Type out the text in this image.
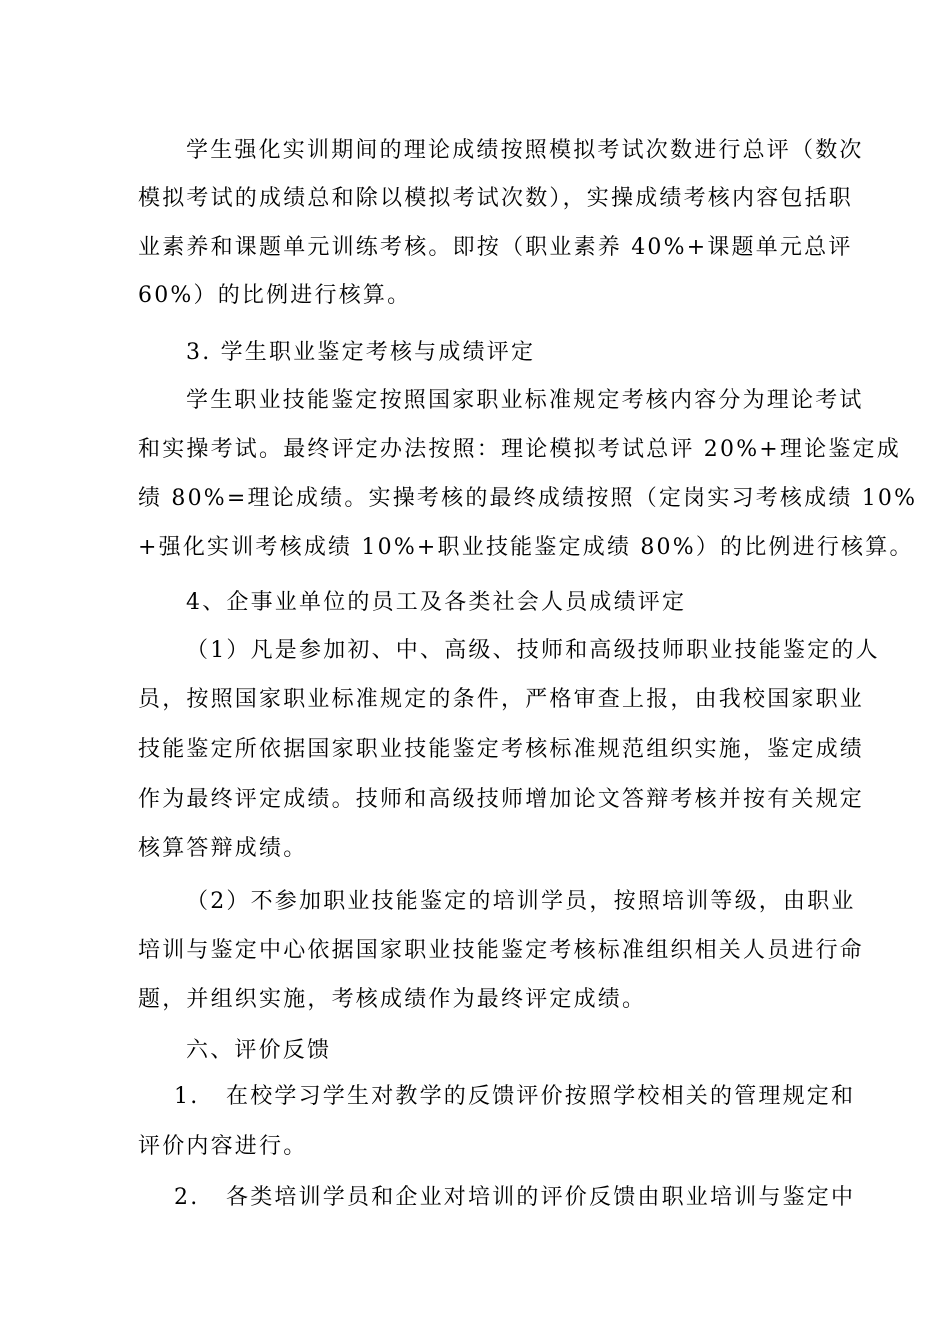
学生强化实训期间的理论成绩按照模拟考试次数进行总评（数次
模拟考试的成绩总和除以模拟考试次数），实操成绩考核内容包括职
业素养和课题单元训练考核。即按（职业素养 40%+课题单元总评
60%）的比例进行核算。
3. 学生职业鉴定考核与成绩评定
学生职业技能鉴定按照国家职业标准规定考核内容分为理论考试
和实操考试。最终评定办法按照：理论模拟考试总评 20%+理论鉴定成
绩 80%=理论成绩。实操考核的最终成绩按照（定岗实习考核成绩 10%
+强化实训考核成绩 10%+职业技能鉴定成绩 80%）的比例进行核算。
4、企事业单位的员工及各类社会人员成绩评定
（1）凡是参加初、中、高级、技师和高级技师职业技能鉴定的人
员，按照国家职业标准规定的条件，严格审查上报，由我校国家职业
技能鉴定所依据国家职业技能鉴定考核标准规范组织实施，鉴定成绩
作为最终评定成绩。技师和高级技师增加论文答辩考核并按有关规定
核算答辩成绩。
（2）不参加职业技能鉴定的培训学员，按照培训等级，由职业
培训与鉴定中心依据国家职业技能鉴定考核标准组织相关人员进行命
题，并组织实施，考核成绩作为最终评定成绩。
六、评价反馈
1. 在校学习学生对教学的反馈评价按照学校相关的管理规定和
评价内容进行。
2. 各类培训学员和企业对培训的评价反馈由职业培训与鉴定中
